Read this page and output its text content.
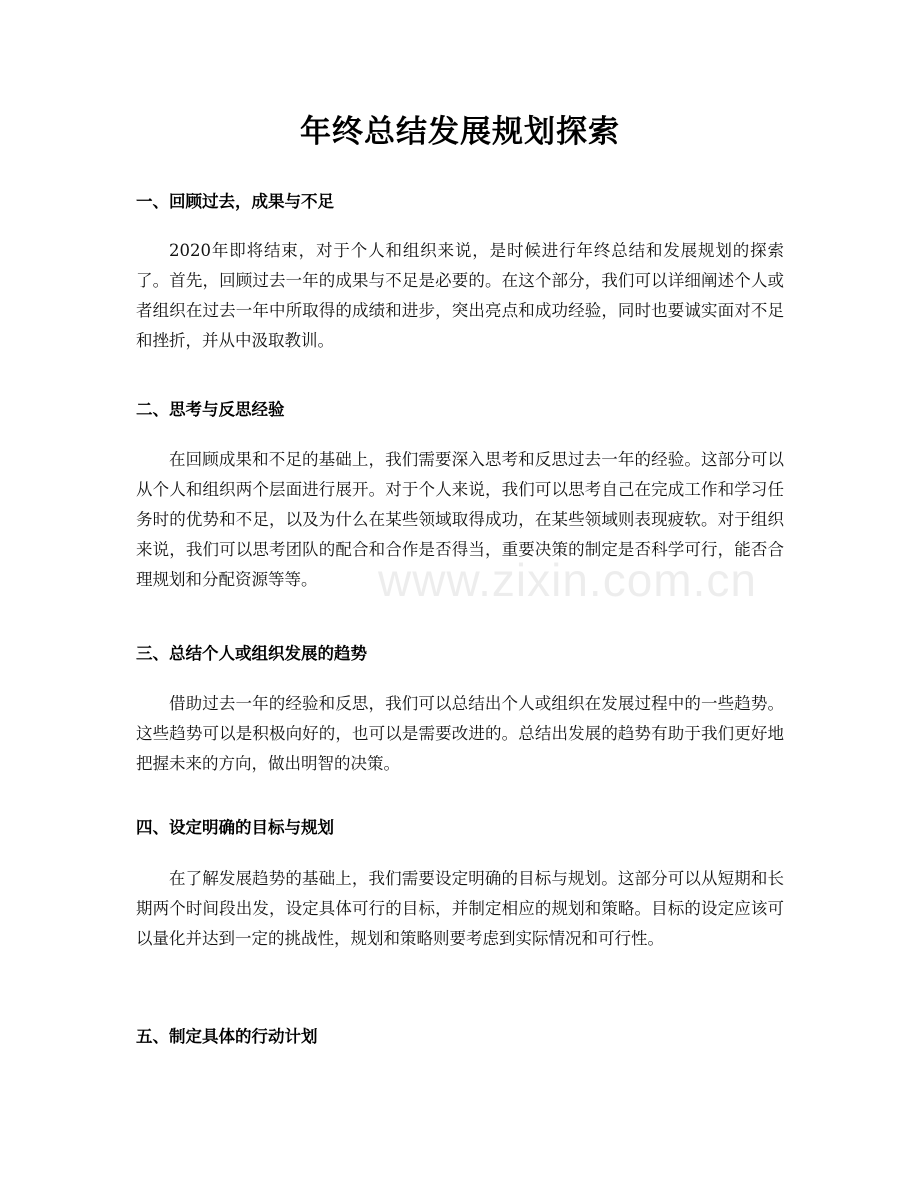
年终总结发展规划探索
www.zixin.com.cn
一、回顾过去，成果与不足

2020年即将结束，对于个人和组织来说，是时候进行年终总结和发展规划的探索了。首先，回顾过去一年的成果与不足是必要的。在这个部分，我们可以详细阐述个人或者组织在过去一年中所取得的成绩和进步，突出亮点和成功经验，同时也要诚实面对不足和挫折，并从中汲取教训。

二、思考与反思经验

在回顾成果和不足的基础上，我们需要深入思考和反思过去一年的经验。这部分可以从个人和组织两个层面进行展开。对于个人来说，我们可以思考自己在完成工作和学习任务时的优势和不足，以及为什么在某些领域取得成功，在某些领域则表现疲软。对于组织来说，我们可以思考团队的配合和合作是否得当，重要决策的制定是否科学可行，能否合理规划和分配资源等等。

三、总结个人或组织发展的趋势

借助过去一年的经验和反思，我们可以总结出个人或组织在发展过程中的一些趋势。这些趋势可以是积极向好的，也可以是需要改进的。总结出发展的趋势有助于我们更好地把握未来的方向，做出明智的决策。

四、设定明确的目标与规划

在了解发展趋势的基础上，我们需要设定明确的目标与规划。这部分可以从短期和长期两个时间段出发，设定具体可行的目标，并制定相应的规划和策略。目标的设定应该可以量化并达到一定的挑战性，规划和策略则要考虑到实际情况和可行性。

五、制定具体的行动计划
